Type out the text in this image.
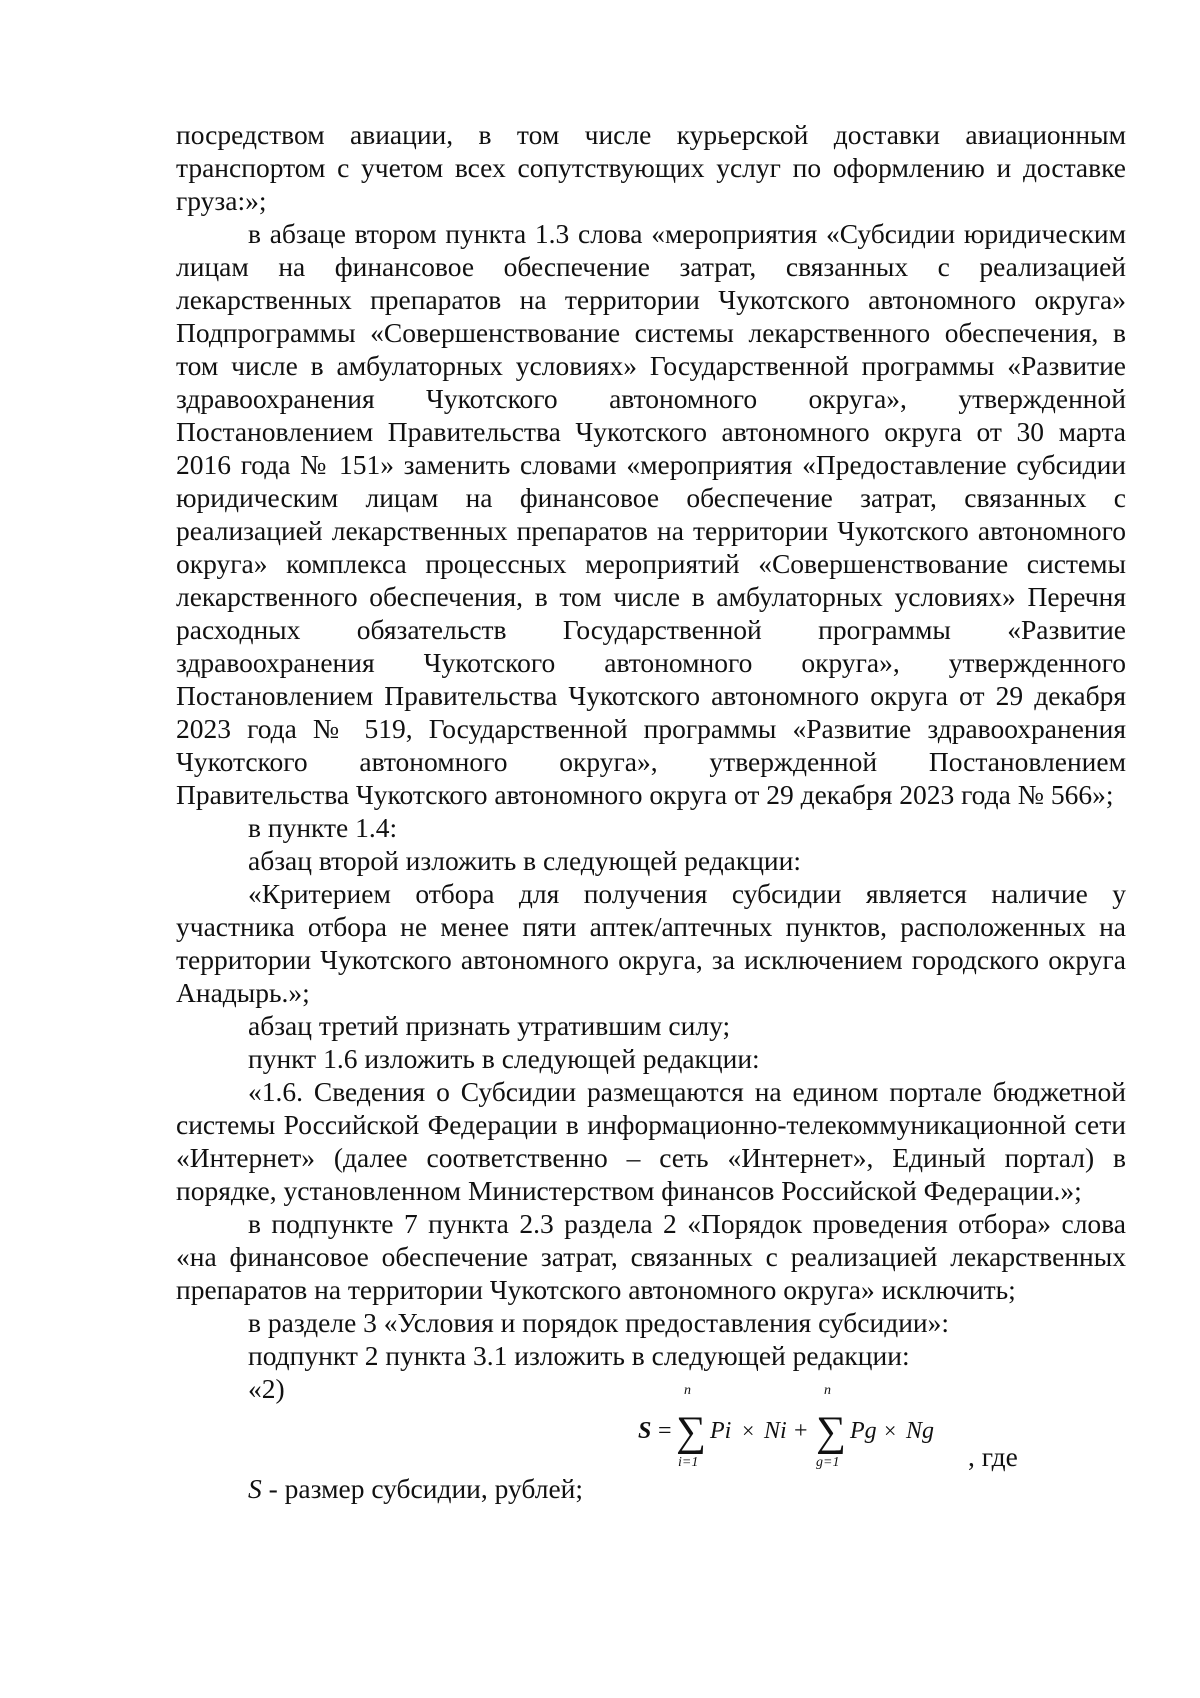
посредством авиации, в том числе курьерской доставки авиационным транспортом с учетом всех сопутствующих услуг по оформлению и доставке груза:»;

в абзаце втором пункта 1.3 слова «мероприятия «Субсидии юридическим лицам на финансовое обеспечение затрат, связанных с реализацией лекарственных препаратов на территории Чукотского автономного округа» Подпрограммы «Совершенствование системы лекарственного обеспечения, в том числе в амбулаторных условиях» Государственной программы «Развитие здравоохранения Чукотского автономного округа», утвержденной Постановлением Правительства Чукотского автономного округа от 30 марта 2016 года № 151» заменить словами «мероприятия «Предоставление субсидии юридическим лицам на финансовое обеспечение затрат, связанных с реализацией лекарственных препаратов на территории Чукотского автономного округа» комплекса процессных мероприятий «Совершенствование системы лекарственного обеспечения, в том числе в амбулаторных условиях» Перечня расходных обязательств Государственной программы «Развитие здравоохранения Чукотского автономного округа», утвержденного Постановлением Правительства Чукотского автономного округа от 29 декабря 2023 года № 519, Государственной программы «Развитие здравоохранения Чукотского автономного округа», утвержденной Постановлением Правительства Чукотского автономного округа от 29 декабря 2023 года № 566»;

в пункте 1.4:

абзац второй изложить в следующей редакции:

«Критерием отбора для получения субсидии является наличие у участника отбора не менее пяти аптек/аптечных пунктов, расположенных на территории Чукотского автономного округа, за исключением городского округа Анадырь.»;

абзац третий признать утратившим силу;

пункт 1.6 изложить в следующей редакции:

«1.6. Сведения о Субсидии размещаются на едином портале бюджетной системы Российской Федерации в информационно-телекоммуникационной сети «Интернет» (далее соответственно – сеть «Интернет», Единый портал) в порядке, установленном Министерством финансов Российской Федерации.»;

в подпункте 7 пункта 2.3 раздела 2 «Порядок проведения отбора» слова «на финансовое обеспечение затрат, связанных с реализацией лекарственных препаратов на территории Чукотского автономного округа» исключить;

в разделе 3 «Условия и порядок предоставления субсидии»:

подпункт 2 пункта 3.1 изложить в следующей редакции:

«2)
S =
n
∑
i=1
Pi × Ni +
n
∑
g=1
Pg × Ng
, где

S - размер субсидии, рублей;
